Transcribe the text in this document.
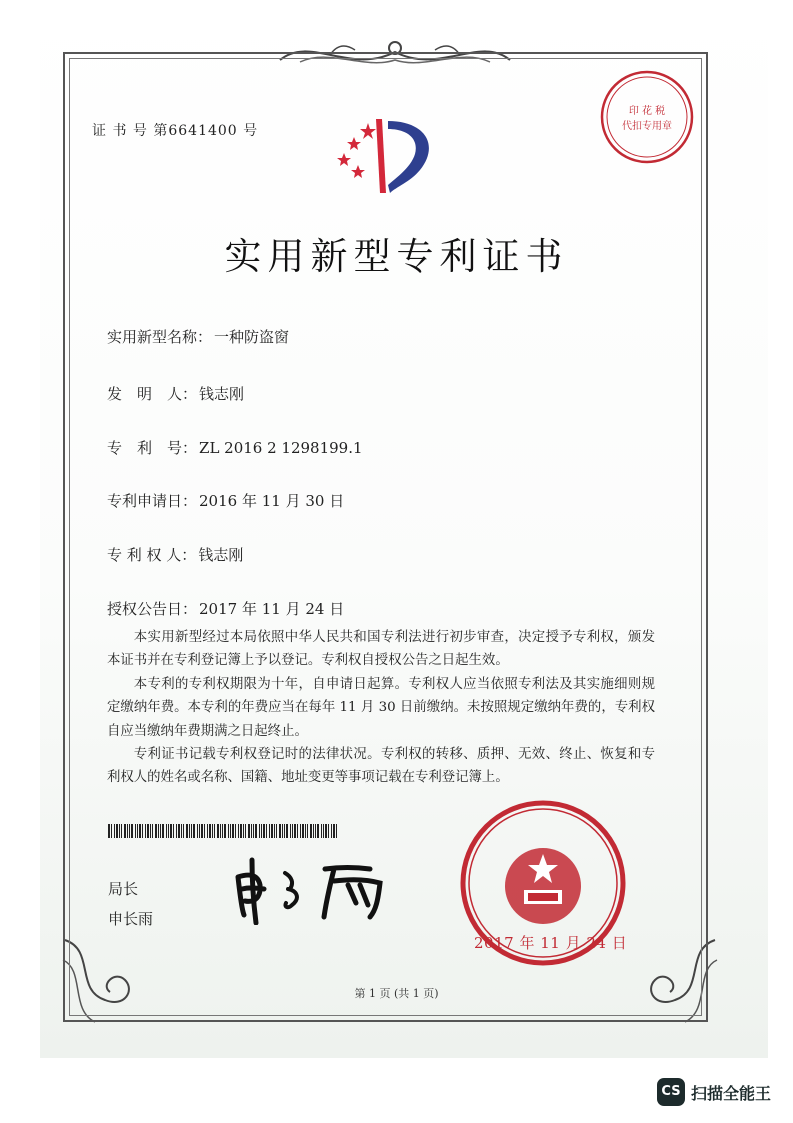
证 书 号 第6641400 号
实用新型专利证书
实用新型名称： 一种防盗窗
发　明　人： 钱志刚
专　利　号： ZL 2016 2 1298199.1
专利申请日： 2016 年 11 月 30 日
专 利 权 人： 钱志刚
授权公告日： 2017 年 11 月 24 日

本实用新型经过本局依照中华人民共和国专利法进行初步审查，决定授予专利权，颁发本证书并在专利登记簿上予以登记。专利权自授权公告之日起生效。

本专利的专利权期限为十年，自申请日起算。专利权人应当依照专利法及其实施细则规定缴纳年费。本专利的年费应当在每年 11 月 30 日前缴纳。未按照规定缴纳年费的，专利权自应当缴纳年费期满之日起终止。

专利证书记载专利权登记时的法律状况。专利权的转移、质押、无效、终止、恢复和专利权人的姓名或名称、国籍、地址变更等事项记载在专利登记簿上。

局长
申长雨
2017 年 11 月 24 日
印 花 税
代扣专用章
第 1 页 (共 1 页)
CS 扫描全能王
